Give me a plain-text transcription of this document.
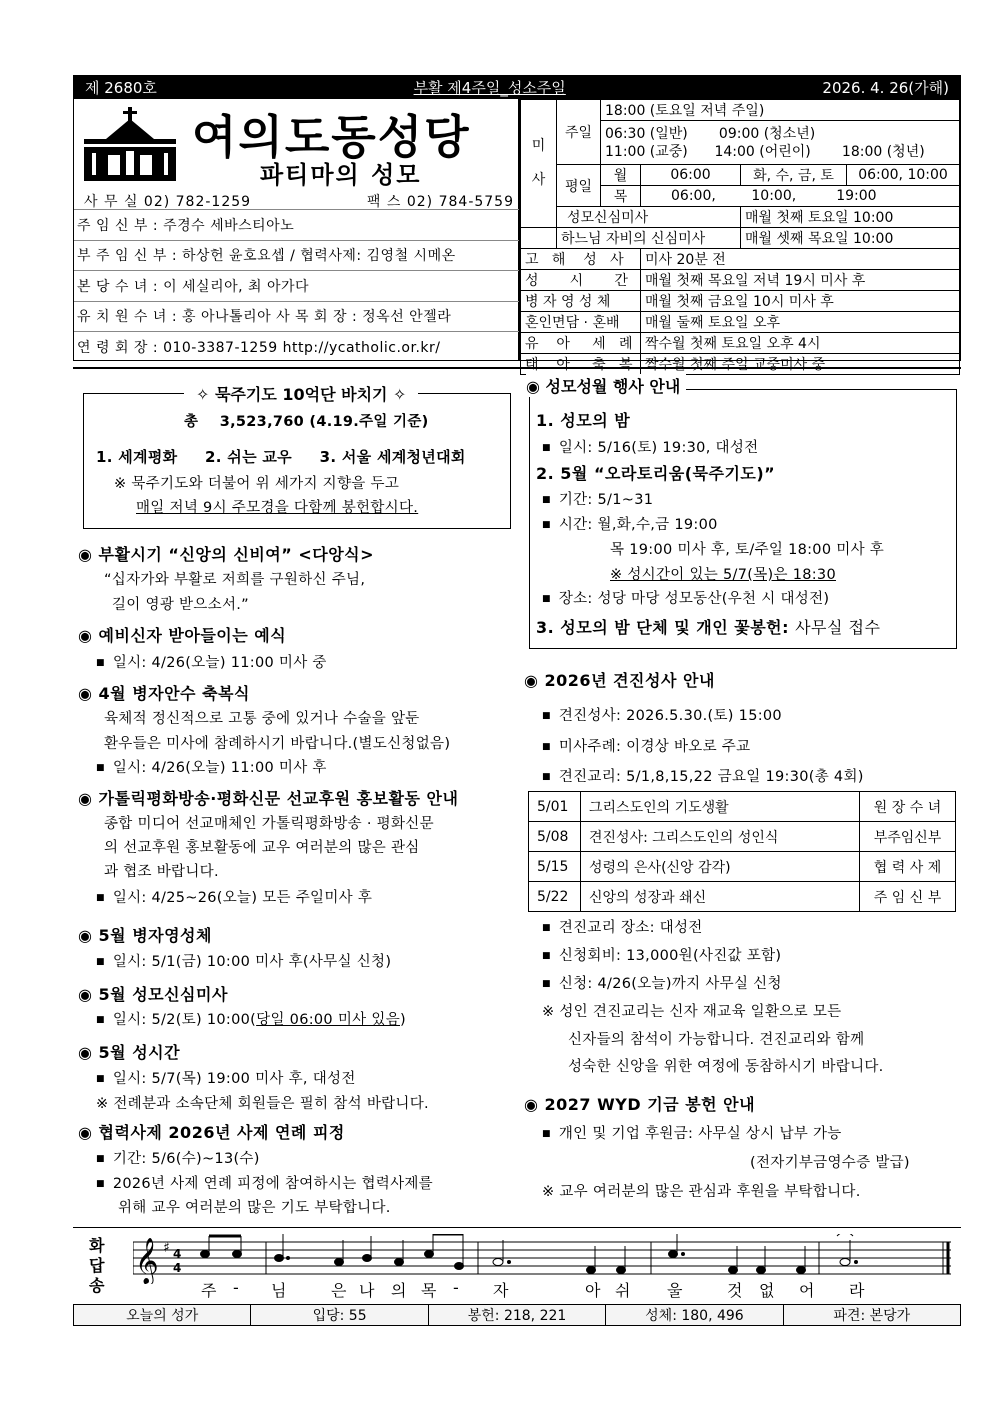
제 2680호	부활 제4주일_성소주일	2026. 4. 26(가해)
여의도동성당
파티마의 성모
사 무 실 02) 782-1259	팩 스 02) 784-5759
주 임 신 부 : 주경수 세바스티아노
부 주 임 신 부 : 하상헌 윤호요셉 / 협력사제: 김영철 시메온
본 당 수 녀 : 이 세실리아, 최 아가다
유 치 원 수 녀 : 홍 아나톨리아 사 목 회 장 : 정옥선 안젤라
연 령 회 장 : 010-3387-1259 http://ycatholic.or.kr/
미
사	주일	18:00 (토요일 저녁 주일)			

		06:30 (일반)       09:00 (청소년)
11:00 (교중)      14:00 (어린이)       18:00 (청년)			

	평일	월	06:00	화, 수, 금, 토	06:00, 10:00
		목	06:00,        10:00,         19:00		
	성모신심미사			매월 첫째 토요일 10:00	
	하느님 자비의 신심미사			매월 셋째 목요일 10:00	
고   해    성   사			미사 20분 전		
성       시       간			매월 첫째 목요일 저녁 19시 미사 후		
병 자 영 성 체			매월 첫째 금요일 10시 미사 후		
혼인면담 · 혼배			매월 둘째 토요일 오후		
유    아     세   례			짝수월 첫째 토요일 오후 4시		
태    아     축   복			짝수월 첫째 주일 교중미사 중		
✧ 묵주기도 10억단 바치기 ✧
총    3,523,760 (4.19.주일 기준)
1. 세계평화     2. 쉬는 교우     3. 서울 세계청년대회
※ 묵주기도와 더불어 위 세가지 지향을 두고
매일 저녁 9시 주모경을 다함께 봉헌합시다.
◉ 부활시기 “신앙의 신비여” <다앙식>
“십자가와 부활로 저희를 구원하신 주님,
길이 영광 받으소서.”
◉ 예비신자 받아들이는 예식
■ 일시: 4/26(오늘) 11:00 미사 중
◉ 4월 병자안수 축복식
육체적 정신적으로 고통 중에 있거나 수술을 앞둔
환우들은 미사에 참례하시기 바랍니다.(별도신청없음)
■ 일시: 4/26(오늘) 11:00 미사 후
◉ 가톨릭평화방송·평화신문 선교후원 홍보활동 안내
종합 미디어 선교매체인 가톨릭평화방송 · 평화신문
의 선교후원 홍보활동에 교우 여러분의 많은 관심
과 협조 바랍니다.
■ 일시: 4/25~26(오늘) 모든 주일미사 후
◉ 5월 병자영성체
■ 일시: 5/1(금) 10:00 미사 후(사무실 신청)
◉ 5월 성모신심미사
■ 일시: 5/2(토) 10:00(당일 06:00 미사 있음)
◉ 5월 성시간
■ 일시: 5/7(목) 19:00 미사 후, 대성전
※ 전례분과 소속단체 회원들은 필히 참석 바랍니다.
◉ 협력사제 2026년 사제 연례 피정
■ 기간: 5/6(수)~13(수)
■ 2026년 사제 연례 피정에 참여하시는 협력사제를
위해 교우 여러분의 많은 기도 부탁합니다.
1. 성모의 밤
■ 일시: 5/16(토) 19:30, 대성전
2. 5월 “오라토리움(묵주기도)”
■ 기간: 5/1~31
■ 시간: 월,화,수,금 19:00
목 19:00 미사 후, 토/주일 18:00 미사 후
※ 성시간이 있는 5/7(목)은 18:30
■ 장소: 성당 마당 성모동산(우천 시 대성전)
3. 성모의 밤 단체 및 개인 꽃봉헌: 사무실 접수
◉ 성모성월 행사 안내
◉ 2026년 견진성사 안내
■ 견진성사: 2026.5.30.(토) 15:00
■ 미사주례: 이경상 바오로 주교
■ 견진교리: 5/1,8,15,22 금요일 19:30(총 4회)
5/01	그리스도인의 기도생활	원 장 수 녀
5/08	견진성사: 그리스도인의 성인식	부주임신부
5/15	성령의 은사(신앙 감각)	협 력 사 제
5/22	신앙의 성장과 쇄신	주 임 신 부
■ 견진교리 장소: 대성전
■ 신청회비: 13,000원(사진값 포함)
■ 신청: 4/26(오늘)까지 사무실 신청
※ 성인 견진교리는 신자 재교육 일환으로 모든
신자들의 참석이 가능합니다. 견진교리와 함께
성숙한 신앙을 위한 여정에 동참하시기 바랍니다.
◉ 2027 WYD 기금 봉헌 안내
■ 개인 및 기업 후원금: 사무실 상시 납부 가능
(전자기부금영수증 발급)
※ 교우 여러분의 많은 관심과 후원을 부탁합니다.
화
답
송
𝄞 ♯ 4
4
주 - 님	은 나 의 목 - 자	아 쉬 울	것 없 어 라
오늘의 성가	입당: 55	봉헌: 218, 221	성체: 180, 496	파견: 본당가
